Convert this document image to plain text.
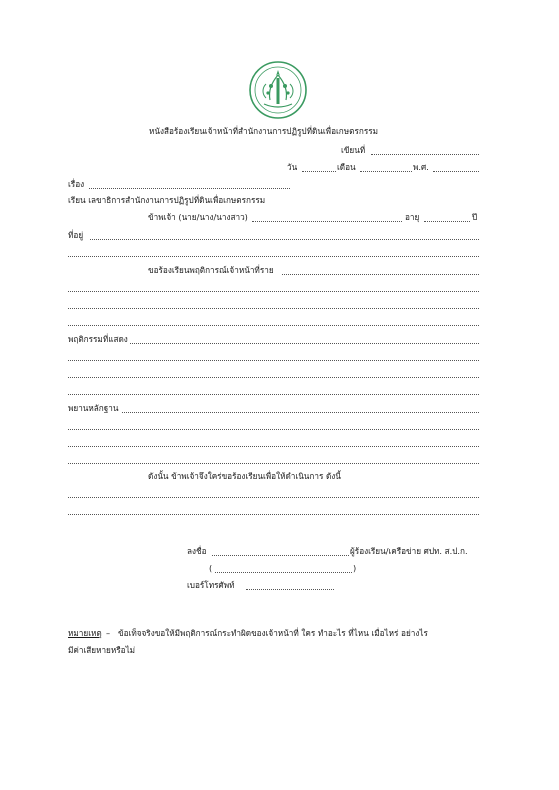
หนังสือร้องเรียนเจ้าหน้าที่สำนักงานการปฏิรูปที่ดินเพื่อเกษตรกรรม
เขียนที่
วัน	เดือน	พ.ศ.
เรื่อง
เรียน เลขาธิการสำนักงานการปฏิรูปที่ดินเพื่อเกษตรกรรม
ข้าพเจ้า (นาย/นาง/นางสาว)	อายุ	ปี
ที่อยู่
ขอร้องเรียนพฤติการณ์เจ้าหน้าที่ราย
พฤติกรรมที่แสดง
พยานหลักฐาน
ดังนั้น ข้าพเจ้าจึงใคร่ขอร้องเรียนเพื่อให้ดำเนินการ ดังนี้
ลงชื่อ	ผู้ร้องเรียน/เครือข่าย ศปท. ส.ป.ก.
(	)
เบอร์โทรศัพท์
หมายเหตุ – ข้อเท็จจริงขอให้มีพฤติการณ์กระทำผิดของเจ้าหน้าที่ ใคร ทำอะไร ที่ไหน เมื่อไหร่ อย่างไร
มีค่าเสียหายหรือไม่
